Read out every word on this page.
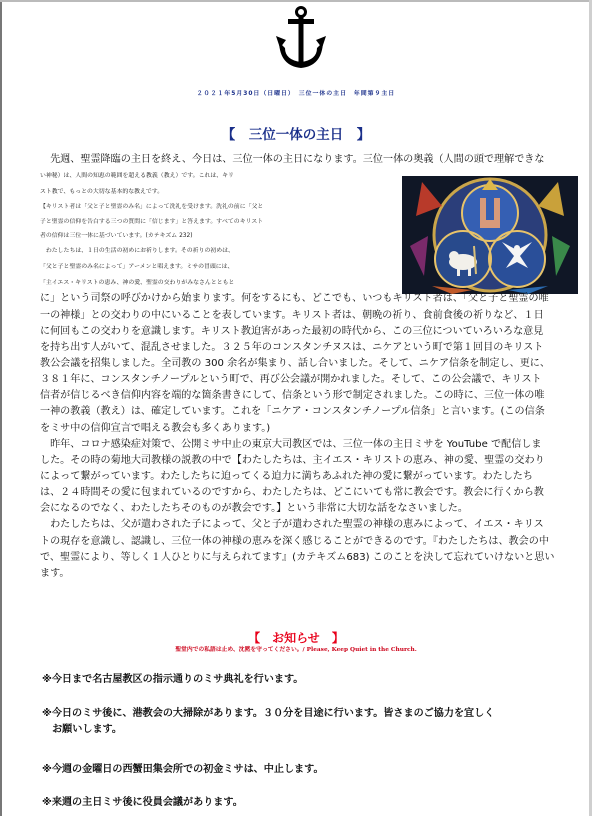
２０２１年5月30日（日曜日）　三位一体の主日　年間第９主日
【　三位一体の主日　】
　先週、聖霊降臨の主日を終え、今日は、三位一体の主日になります。三位一体の奥義（人間の頭で理解できな
い神秘）は、人間の知恵の範囲を超える教義（教え）です。これは、キリ
スト教で、もっとの大切な基本的な教えです。
【キリスト者は「父と子と聖霊のみ名」によって洗礼を受けます。洗礼の前に「父と
子と聖霊の信仰を告白する三つの質問に「信じます」と答えます。すべてのキリスト
者の信仰は三位一体に基づいています。(カテキズム 232)
　わたしたちは、１日の生活の初めにお祈りします。その祈りの初めは、
「父と子と聖霊のみ名によって」アーメンと唱えます。ミサの冒頭には、
「主イエス・キリストの恵み、神の愛、聖霊の交わりがみなさんとともと
に」という司祭の呼びかけから始まります。何をするにも、どこでも、いつもキリスト者は、「父と子と聖霊の唯
一の神様」との交わりの中にいることを表しています。キリスト者は、朝晩の祈り、食前食後の祈りなど、１日
に何回もこの交わりを意識します。キリスト教迫害があった最初の時代から、この三位についていろいろな意見
を持ち出す人がいて、混乱させました。３２５年のコンスタンチヌスは、ニケアという町で第１回目のキリスト
教公会議を招集しました。全司教の 300 余名が集まり、話し合いました。そして、ニケア信条を制定し、更に、
３８１年に、コンスタンチノープルという町で、再び公会議が開かれました。そして、この公会議で、キリスト
信者が信じるべき信仰内容を端的な箇条書きにして、信条という形で制定されました。この時に、三位一体の唯
一神の教義（教え）は、確定しています。これを「ニケア・コンスタンチノープル信条」と言います。(この信条
をミサ中の信仰宣言で唱える教会も多くあります。)
　昨年、コロナ感染症対策で、公開ミサ中止の東京大司教区では、三位一体の主日ミサを YouTube で配信しま
した。その時の菊地大司教様の説教の中で【わたしたちは、主イエス・キリストの恵み、神の愛、聖霊の交わり
によって繋がっています。わたしたちに迫ってくる迫力に満ちあふれた神の愛に繋がっています。わたしたち
は、２４時間その愛に包まれているのですから、わたしたちは、どこにいても常に教会です。教会に行くから教
会になるのでなく、わたしたちそのものが教会です。】という非常に大切な話をなさいました。
　わたしたちは、父が遣わされた子によって、父と子が遣わされた聖霊の神様の恵みによって、イエス・キリス
トの現存を意識し、認識し、三位一体の神様の恵みを深く感じることができるのです。『わたしたちは、教会の中
で、聖霊により、等しく１人ひとりに与えられてます』(カテキズム683) このことを決して忘れていけないと思い
ます。
【　お知らせ　】
聖堂内での私語は止め、沈黙を守ってください。/ Please, Keep Quiet in the Church.
※今日まで名古屋教区の指示通りのミサ典礼を行います。
※今日のミサ後に、港教会の大掃除があります。３０分を目途に行います。皆さまのご協力を宜しく
　お願いします。
※今週の金曜日の西蟹田集会所での初金ミサは、中止します。
※来週の主日ミサ後に役員会議があります。
